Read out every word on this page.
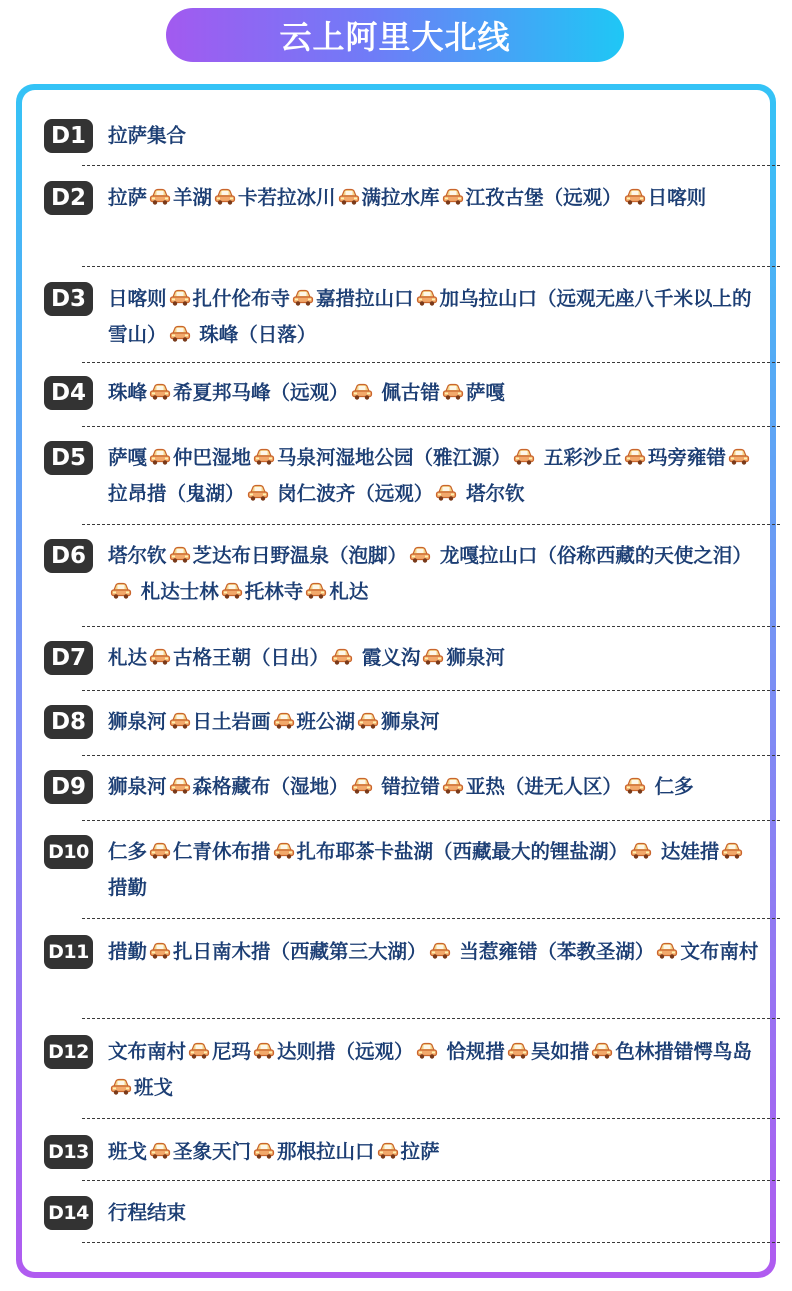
云上阿里大北线
D1	拉萨集合
D2	拉萨 羊湖 卡若拉冰川 满拉水库 江孜古堡（远观） 日喀则
D3	日喀则 扎什伦布寺 嘉措拉山口 加乌拉山口（远观无座八千米以上的雪山） 珠峰（日落）
D4	珠峰 希夏邦马峰（远观） 佩古错 萨嘎
D5	萨嘎 仲巴湿地 马泉河湿地公园（雅江源） 五彩沙丘 玛旁雍错拉昂措（鬼湖） 岗仁波齐（远观） 塔尔钦
D6	塔尔钦 芝达布日野温泉（泡脚） 龙嘎拉山口（俗称西藏的天使之泪） 札达士林 托林寺 札达
D7	札达 古格王朝（日出） 霞义沟 狮泉河
D8	狮泉河 日土岩画 班公湖 狮泉河
D9	狮泉河 森格藏布（湿地） 错拉错 亚热（进无人区） 仁多
D10 仁多 仁青休布措 扎布耶茶卡盐湖（西藏最大的锂盐湖） 达娃措措勤
D11 措勤 扎日南木措（西藏第三大湖） 当惹雍错（苯教圣湖） 文布南村
D12 文布南村 尼玛 达则措（远观） 恰规措 吴如措 色林措错愕鸟岛班戈
D13 班戈 圣象天门 那根拉山口 拉萨
D14 行程结束
